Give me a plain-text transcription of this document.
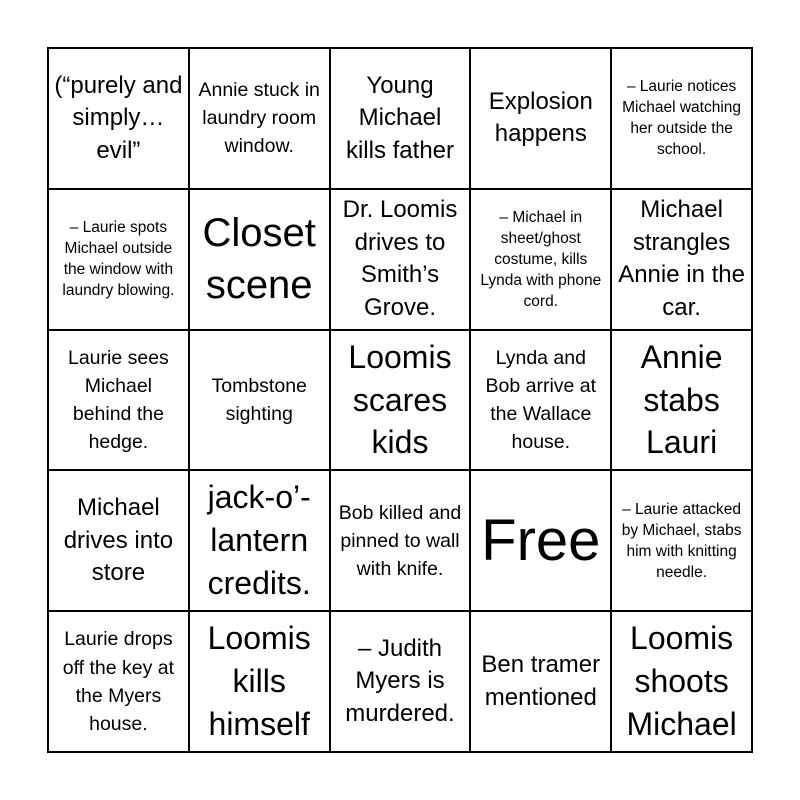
(“purely and simply… evil”
Annie stuck in laundry room window.
Young Michael kills father
Explosion happens
– Laurie notices Michael watching her outside the school.
– Laurie spots Michael outside the window with laundry blowing.
Closet scene
Dr. Loomis drives to Smith’s Grove.
– Michael in sheet/ghost costume, kills Lynda with phone cord.
Michael strangles Annie in the car.
Laurie sees Michael behind the hedge.
Tombstone sighting
Loomis scares kids
Lynda and Bob arrive at the Wallace house.
Annie stabs Lauri
Michael drives into store
jack-o’-lantern credits.
Bob killed and pinned to wall with knife. Free	– Laurie attacked by Michael, stabs him with knitting needle.
Laurie drops off the key at the Myers house.
Loomis kills himself
– Judith Myers is murdered.
Ben tramer mentioned
Loomis shoots Michael
